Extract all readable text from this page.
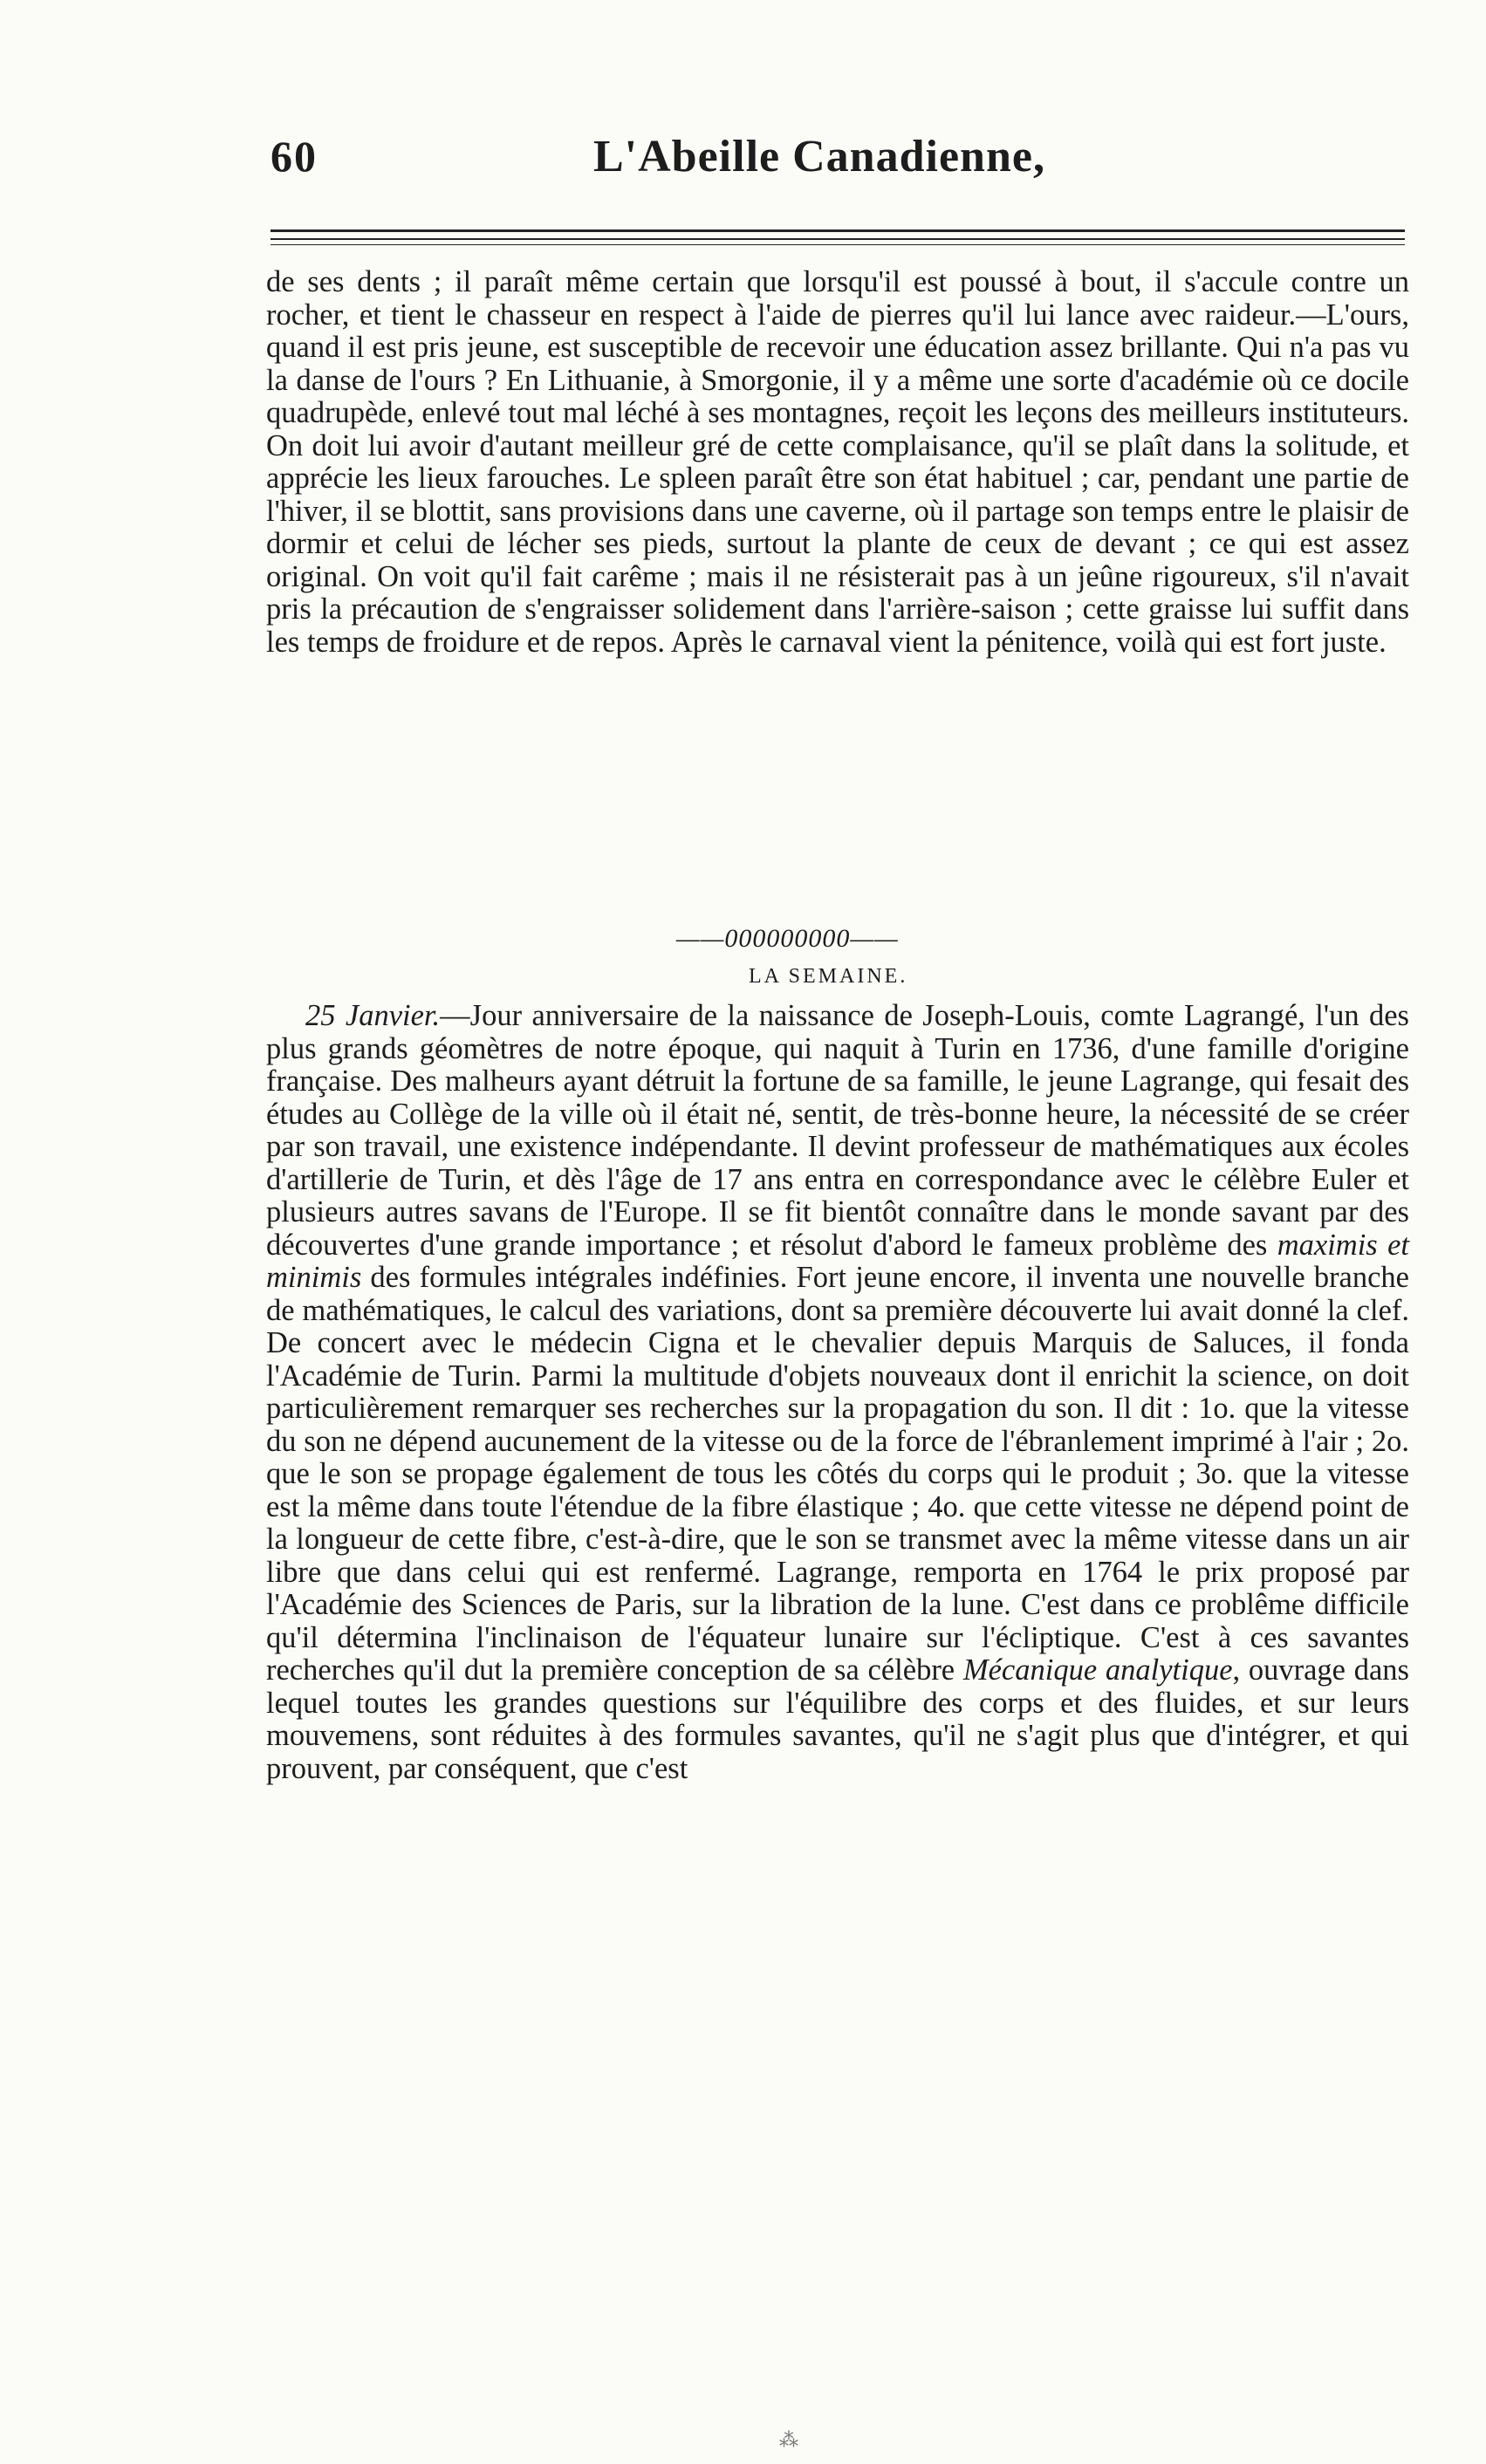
60	L'Abeille Canadienne,
de ses dents ; il paraît même certain que lorsqu'il est poussé à bout, il s'accule contre un rocher, et tient le chasseur en respect à l'aide de pierres qu'il lui lance avec raideur.—L'ours, quand il est pris jeune, est susceptible de recevoir une éducation assez brillante. Qui n'a pas vu la danse de l'ours ? En Lithuanie, à Smorgonie, il y a même une sorte d'académie où ce docile quadrupède, enlevé tout mal léché à ses montagnes, reçoit les leçons des meilleurs instituteurs. On doit lui avoir d'autant meilleur gré de cette complaisance, qu'il se plaît dans la solitude, et apprécie les lieux farouches. Le spleen paraît être son état habituel ; car, pendant une partie de l'hiver, il se blottit, sans provisions dans une caverne, où il partage son temps entre le plaisir de dormir et celui de lécher ses pieds, surtout la plante de ceux de devant ; ce qui est assez original. On voit qu'il fait carême ; mais il ne résisterait pas à un jeûne rigoureux, s'il n'avait pris la précaution de s'engraisser solidement dans l'arrière-saison ; cette graisse lui suffit dans les temps de froidure et de repos. Après le carnaval vient la pénitence, voilà qui est fort juste.
——000000000——
LA SEMAINE.
25 Janvier.—Jour anniversaire de la naissance de Joseph-Louis, comte Lagrangé, l'un des plus grands géomètres de notre époque, qui naquit à Turin en 1736, d'une famille d'origine française. Des malheurs ayant détruit la fortune de sa famille, le jeune Lagrange, qui fesait des études au Collège de la ville où il était né, sentit, de très-bonne heure, la nécessité de se créer par son travail, une existence indépendante. Il devint professeur de mathématiques aux écoles d'artillerie de Turin, et dès l'âge de 17 ans entra en correspondance avec le célèbre Euler et plusieurs autres savans de l'Europe. Il se fit bientôt connaître dans le monde savant par des découvertes d'une grande importance ; et résolut d'abord le fameux problème des maximis et minimis des formules intégrales indéfinies. Fort jeune encore, il inventa une nouvelle branche de mathématiques, le calcul des variations, dont sa première découverte lui avait donné la clef. De concert avec le médecin Cigna et le chevalier depuis Marquis de Saluces, il fonda l'Académie de Turin. Parmi la multitude d'objets nouveaux dont il enrichit la science, on doit particulièrement remarquer ses recherches sur la propagation du son. Il dit : 1o. que la vitesse du son ne dépend aucunement de la vitesse ou de la force de l'ébranlement imprimé à l'air ; 2o. que le son se propage également de tous les côtés du corps qui le produit ; 3o. que la vitesse est la même dans toute l'étendue de la fibre élastique ; 4o. que cette vitesse ne dépend point de la longueur de cette fibre, c'est-à-dire, que le son se transmet avec la même vitesse dans un air libre que dans celui qui est renfermé. Lagrange, remporta en 1764 le prix proposé par l'Académie des Sciences de Paris, sur la libration de la lune. C'est dans ce problême difficile qu'il détermina l'inclinaison de l'équateur lunaire sur l'écliptique. C'est à ces savantes recherches qu'il dut la première conception de sa célèbre Mécanique analytique, ouvrage dans lequel toutes les grandes questions sur l'équilibre des corps et des fluides, et sur leurs mouvemens, sont réduites à des formules savantes, qu'il ne s'agit plus que d'intégrer, et qui prouvent, par conséquent, que c'est
⁂
